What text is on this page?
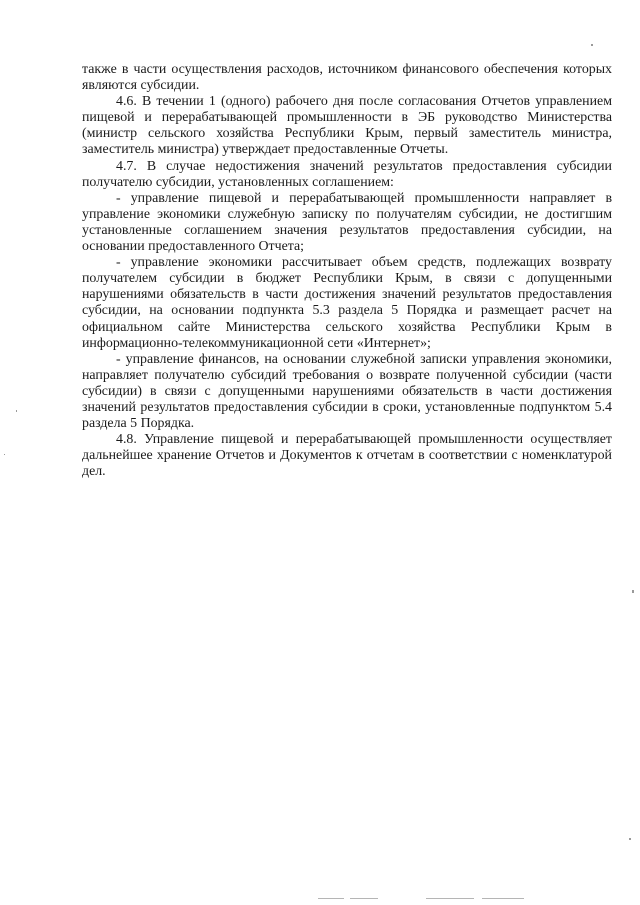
также в части осуществления расходов, источником финансового обеспечения которых являются субсидии.

4.6. В течении 1 (одного) рабочего дня после согласования Отчетов управлением пищевой и перерабатывающей промышленности в ЭБ руководство Министерства (министр сельского хозяйства Республики Крым, первый заместитель министра, заместитель министра) утверждает предоставленные Отчеты.

4.7. В случае недостижения значений результатов предоставления субсидии получателю субсидии, установленных соглашением:

- управление пищевой и перерабатывающей промышленности направляет в управление экономики служебную записку по получателям субсидии, не достигшим установленные соглашением значения результатов предоставления субсидии, на основании предоставленного Отчета;

- управление экономики рассчитывает объем средств, подлежащих возврату получателем субсидии в бюджет Республики Крым, в связи с допущенными нарушениями обязательств в части достижения значений результатов предоставления субсидии, на основании подпункта 5.3 раздела 5 Порядка и размещает расчет на официальном сайте Министерства сельского хозяйства Республики Крым в информационно-телекоммуникационной сети «Интернет»;

- управление финансов, на основании служебной записки управления экономики, направляет получателю субсидий требования о возврате полученной субсидии (части субсидии) в связи с допущенными нарушениями обязательств в части достижения значений результатов предоставления субсидии в сроки, установленные подпунктом 5.4 раздела 5 Порядка.

4.8. Управление пищевой и перерабатывающей промышленности осуществляет дальнейшее хранение Отчетов и Документов к отчетам в соответствии с номенклатурой дел.
